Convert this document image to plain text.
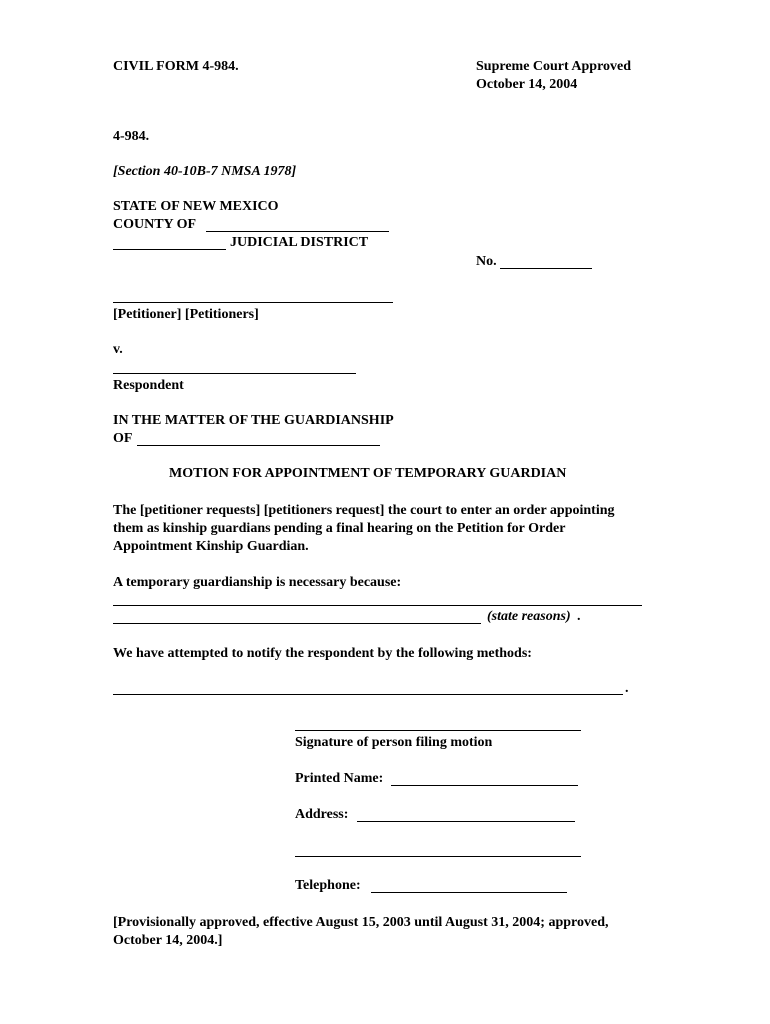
CIVIL FORM 4-984.	Supreme Court Approved
October 14, 2004
4-984.
[Section 40-10B-7 NMSA 1978]
STATE OF NEW MEXICO
COUNTY OF
JUDICIAL DISTRICT
No.
[Petitioner] [Petitioners]
v.
Respondent
IN THE MATTER OF THE GUARDIANSHIP
OF
MOTION FOR APPOINTMENT OF TEMPORARY GUARDIAN
The [petitioner requests] [petitioners request] the court to enter an order appointing
them as kinship guardians pending a final hearing on the Petition for Order
Appointment Kinship Guardian.
A temporary guardianship is necessary because:
(state reasons) .
We have attempted to notify the respondent by the following methods:
.
Signature of person filing motion
Printed Name:
Address:
Telephone:
[Provisionally approved, effective August 15, 2003 until August 31, 2004; approved,
October 14, 2004.]
